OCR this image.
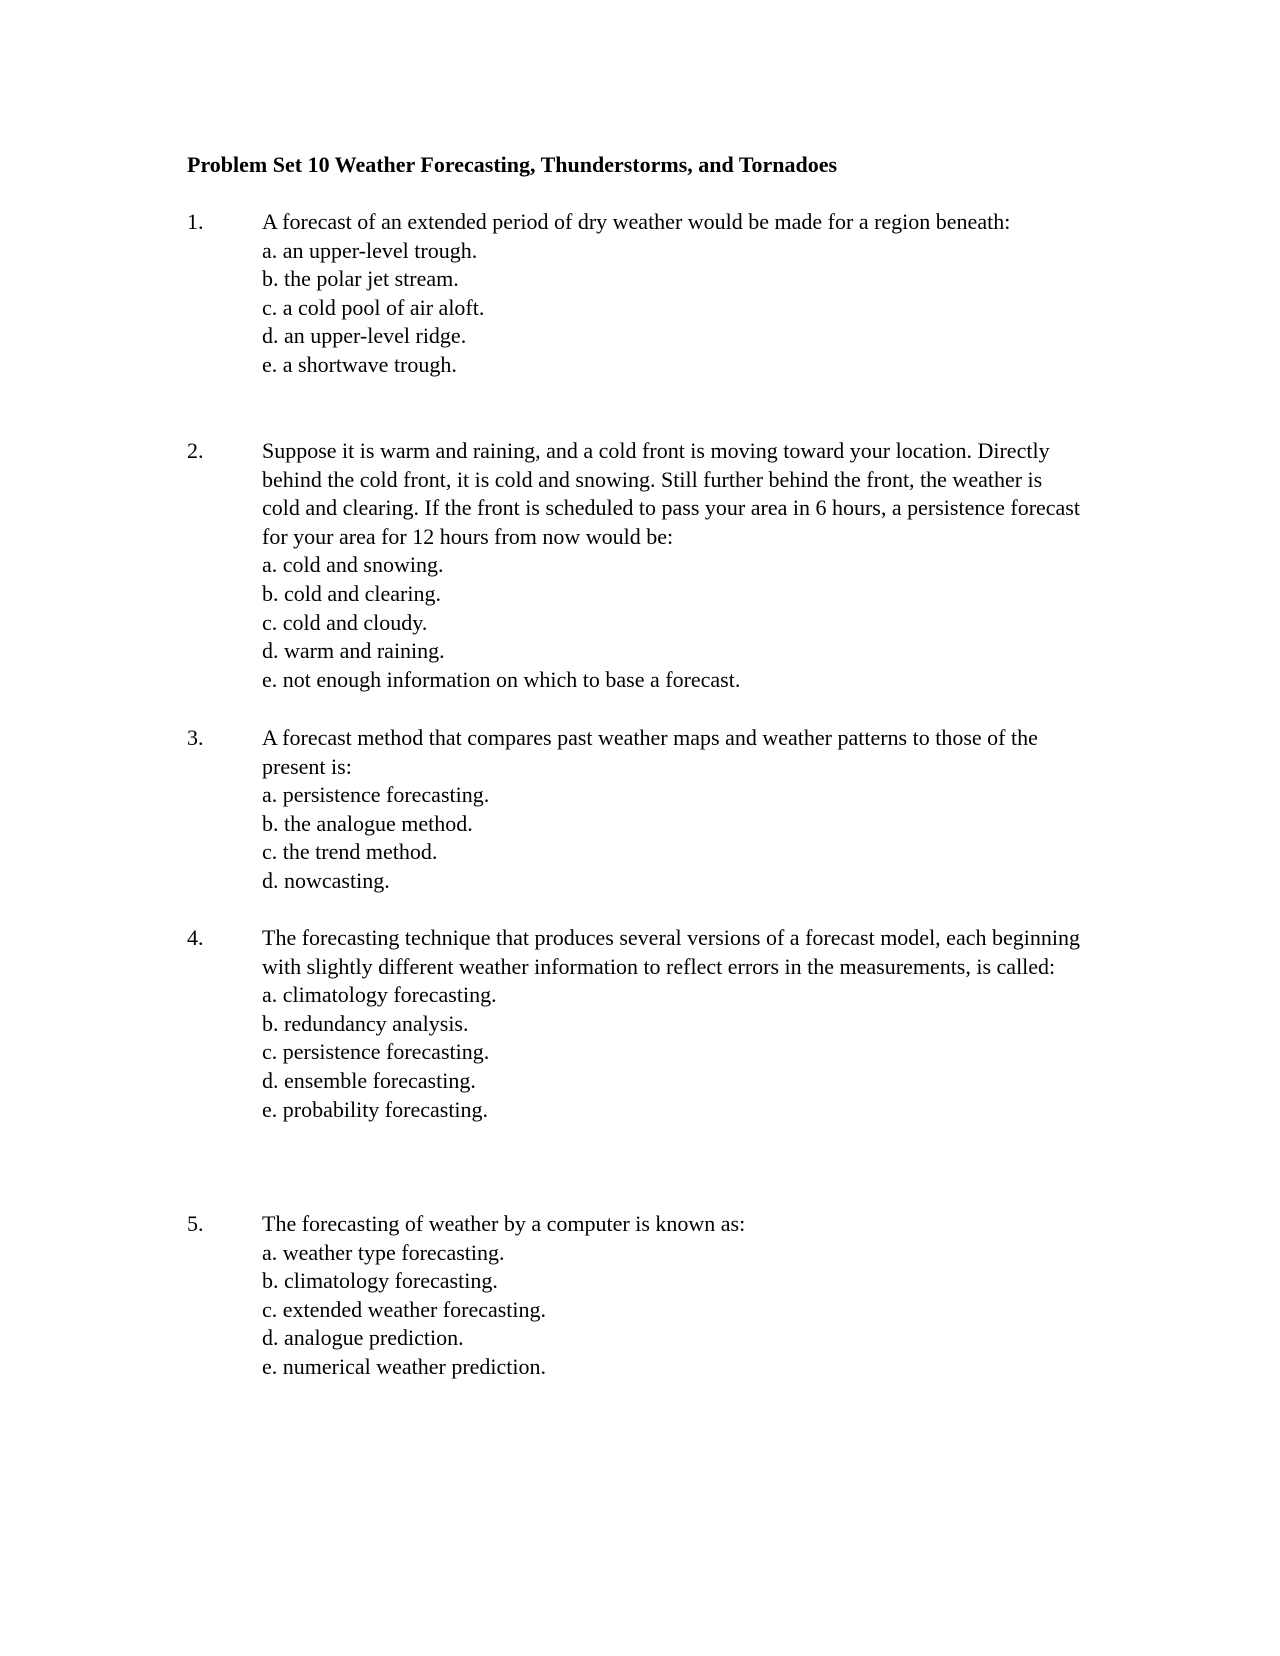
Problem Set 10 Weather Forecasting, Thunderstorms, and Tornadoes
1.	A forecast of an extended period of dry weather would be made for a region beneath:
a. an upper-level trough.
b. the polar jet stream.
c. a cold pool of air aloft.
d. an upper-level ridge.
e. a shortwave trough.
2.	Suppose it is warm and raining, and a cold front is moving toward your location. Directly behind the cold front, it is cold and snowing. Still further behind the front, the weather is cold and clearing. If the front is scheduled to pass your area in 6 hours, a persistence forecast for your area for 12 hours from now would be:
a. cold and snowing.
b. cold and clearing.
c. cold and cloudy.
d. warm and raining.
e. not enough information on which to base a forecast.
3.	A forecast method that compares past weather maps and weather patterns to those of the present is:
a. persistence forecasting.
b. the analogue method.
c. the trend method.
d. nowcasting.
4.	The forecasting technique that produces several versions of a forecast model, each beginning with slightly different weather information to reflect errors in the measurements, is called:
a. climatology forecasting.
b. redundancy analysis.
c. persistence forecasting.
d. ensemble forecasting.
e. probability forecasting.
5.	The forecasting of weather by a computer is known as:
a. weather type forecasting.
b. climatology forecasting.
c. extended weather forecasting.
d. analogue prediction.
e. numerical weather prediction.
